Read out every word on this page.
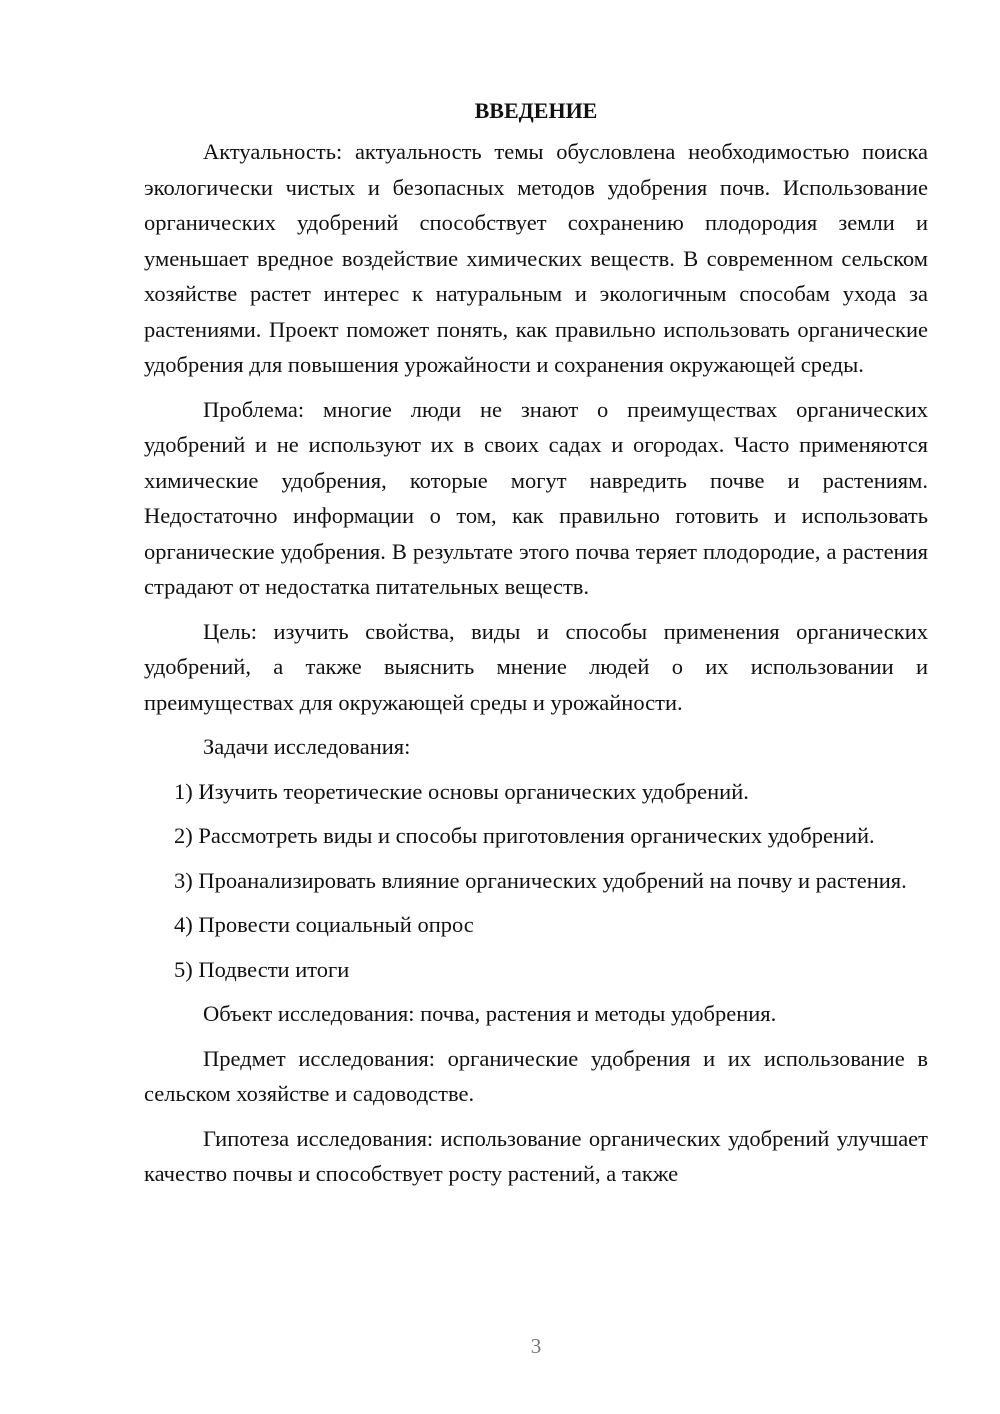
ВВЕДЕНИЕ

Актуальность: актуальность темы обусловлена необходимостью поиска экологически чистых и безопасных методов удобрения почв. Использование органических удобрений способствует сохранению плодородия земли и уменьшает вредное воздействие химических веществ. В современном сельском хозяйстве растет интерес к натуральным и экологичным способам ухода за растениями. Проект поможет понять, как правильно использовать органические удобрения для повышения урожайности и сохранения окружающей среды.

Проблема: многие люди не знают о преимуществах органических удобрений и не используют их в своих садах и огородах. Часто применяются химические удобрения, которые могут навредить почве и растениям. Недостаточно информации о том, как правильно готовить и использовать органические удобрения. В результате этого почва теряет плодородие, а растения страдают от недостатка питательных веществ.

Цель: изучить свойства, виды и способы применения органических удобрений, а также выяснить мнение людей о их использовании и преимуществах для окружающей среды и урожайности.

Задачи исследования:

1) Изучить теоретические основы органических удобрений.

2) Рассмотреть виды и способы приготовления органических удобрений.

3) Проанализировать влияние органических удобрений на почву и растения.

4) Провести социальный опрос

5) Подвести итоги

Объект исследования: почва, растения и методы удобрения.

Предмет исследования: органические удобрения и их использование в сельском хозяйстве и садоводстве.

Гипотеза исследования: использование органических удобрений улучшает качество почвы и способствует росту растений, а также

3
